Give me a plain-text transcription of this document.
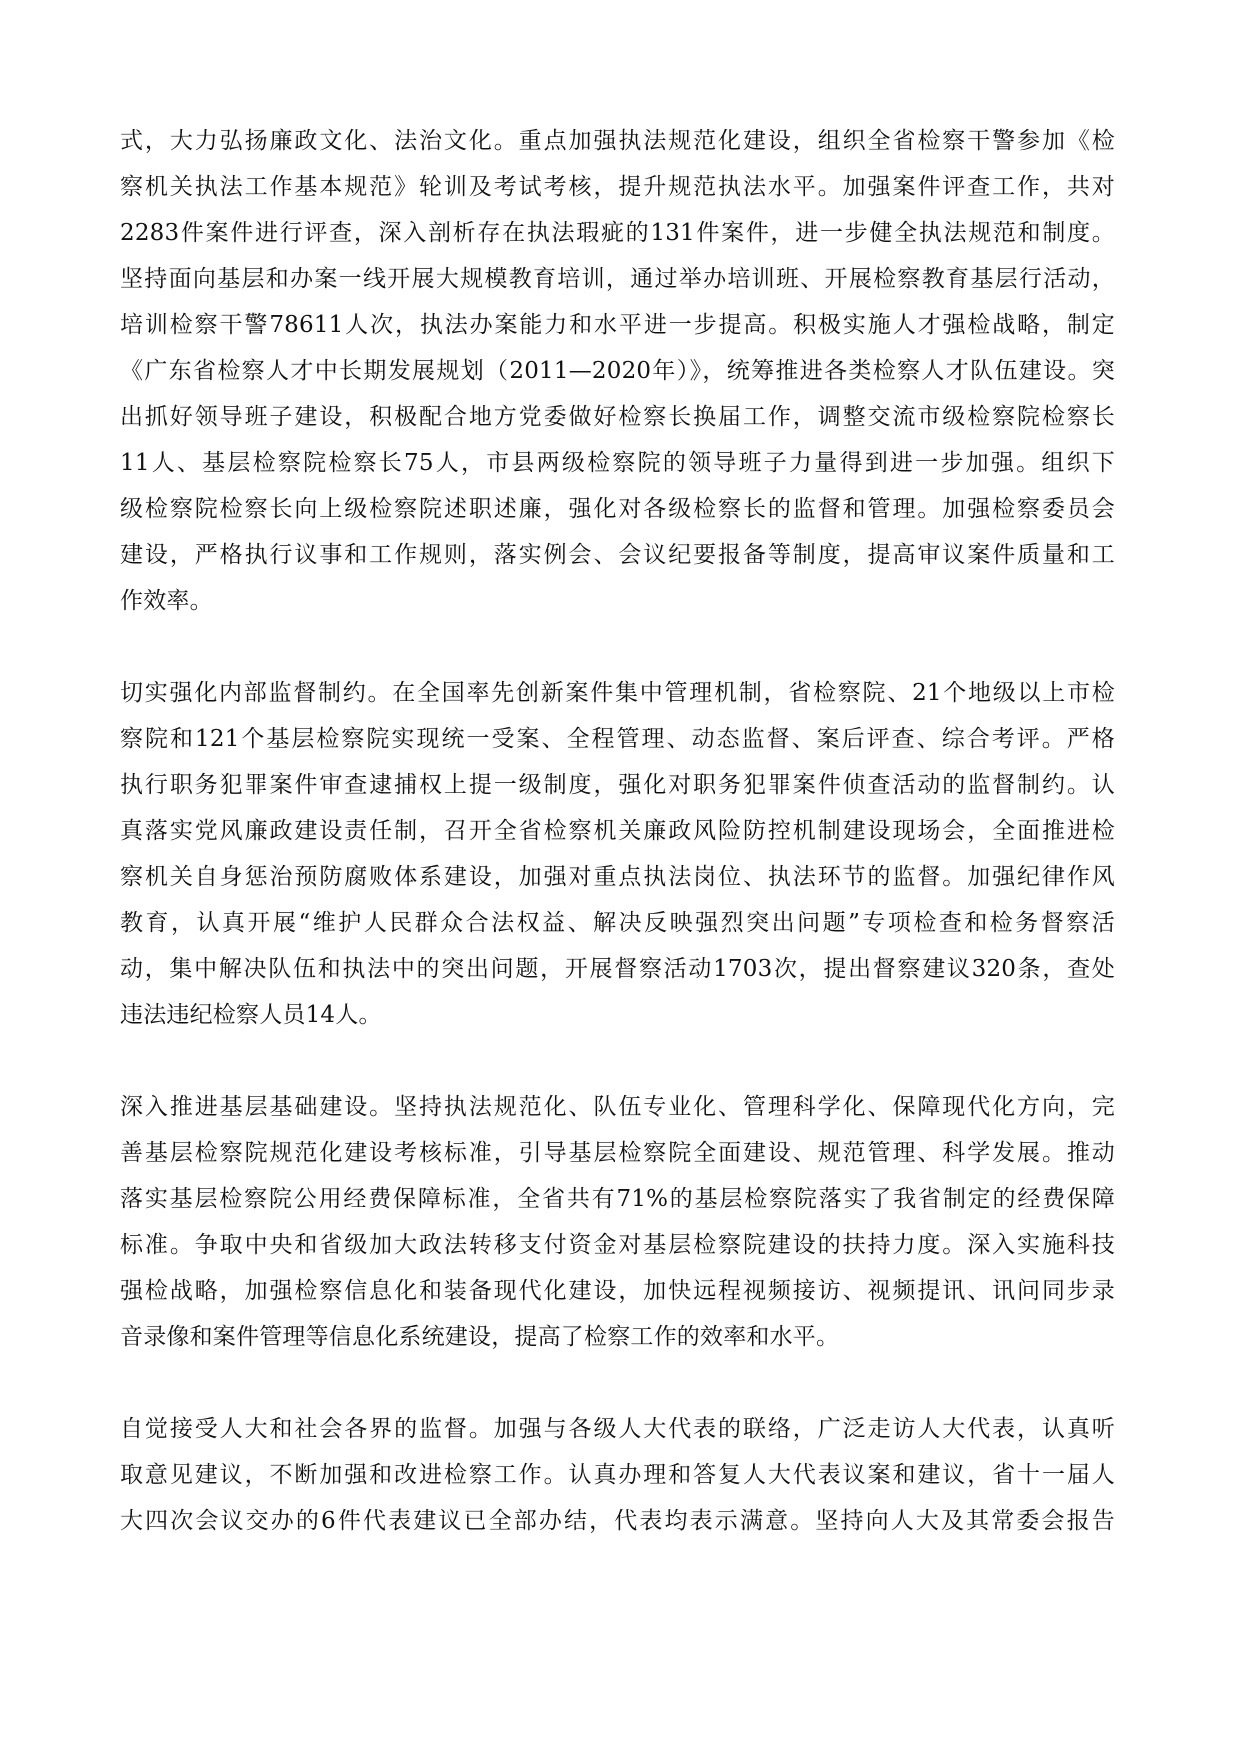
式，大力弘扬廉政文化、法治文化。重点加强执法规范化建设，组织全省检察干警参加《检
察机关执法工作基本规范》轮训及考试考核，提升规范执法水平。加强案件评查工作，共对
2283件案件进行评查，深入剖析存在执法瑕疵的131件案件，进一步健全执法规范和制度。
坚持面向基层和办案一线开展大规模教育培训，通过举办培训班、开展检察教育基层行活动，
培训检察干警78611人次，执法办案能力和水平进一步提高。积极实施人才强检战略，制定
《广东省检察人才中长期发展规划（2011—2020年）》，统筹推进各类检察人才队伍建设。突
出抓好领导班子建设，积极配合地方党委做好检察长换届工作，调整交流市级检察院检察长
11人、基层检察院检察长75人，市县两级检察院的领导班子力量得到进一步加强。组织下
级检察院检察长向上级检察院述职述廉，强化对各级检察长的监督和管理。加强检察委员会
建设，严格执行议事和工作规则，落实例会、会议纪要报备等制度，提高审议案件质量和工
作效率。
切实强化内部监督制约。在全国率先创新案件集中管理机制，省检察院、21个地级以上市检
察院和121个基层检察院实现统一受案、全程管理、动态监督、案后评查、综合考评。严格
执行职务犯罪案件审查逮捕权上提一级制度，强化对职务犯罪案件侦查活动的监督制约。认
真落实党风廉政建设责任制，召开全省检察机关廉政风险防控机制建设现场会，全面推进检
察机关自身惩治预防腐败体系建设，加强对重点执法岗位、执法环节的监督。加强纪律作风
教育，认真开展“维护人民群众合法权益、解决反映强烈突出问题”专项检查和检务督察活
动，集中解决队伍和执法中的突出问题，开展督察活动1703次，提出督察建议320条，查处
违法违纪检察人员14人。
深入推进基层基础建设。坚持执法规范化、队伍专业化、管理科学化、保障现代化方向，完
善基层检察院规范化建设考核标准，引导基层检察院全面建设、规范管理、科学发展。推动
落实基层检察院公用经费保障标准，全省共有71%的基层检察院落实了我省制定的经费保障
标准。争取中央和省级加大政法转移支付资金对基层检察院建设的扶持力度。深入实施科技
强检战略，加强检察信息化和装备现代化建设，加快远程视频接访、视频提讯、讯问同步录
音录像和案件管理等信息化系统建设，提高了检察工作的效率和水平。
自觉接受人大和社会各界的监督。加强与各级人大代表的联络，广泛走访人大代表，认真听
取意见建议，不断加强和改进检察工作。认真办理和答复人大代表议案和建议，省十一届人
大四次会议交办的6件代表建议已全部办结，代表均表示满意。坚持向人大及其常委会报告
